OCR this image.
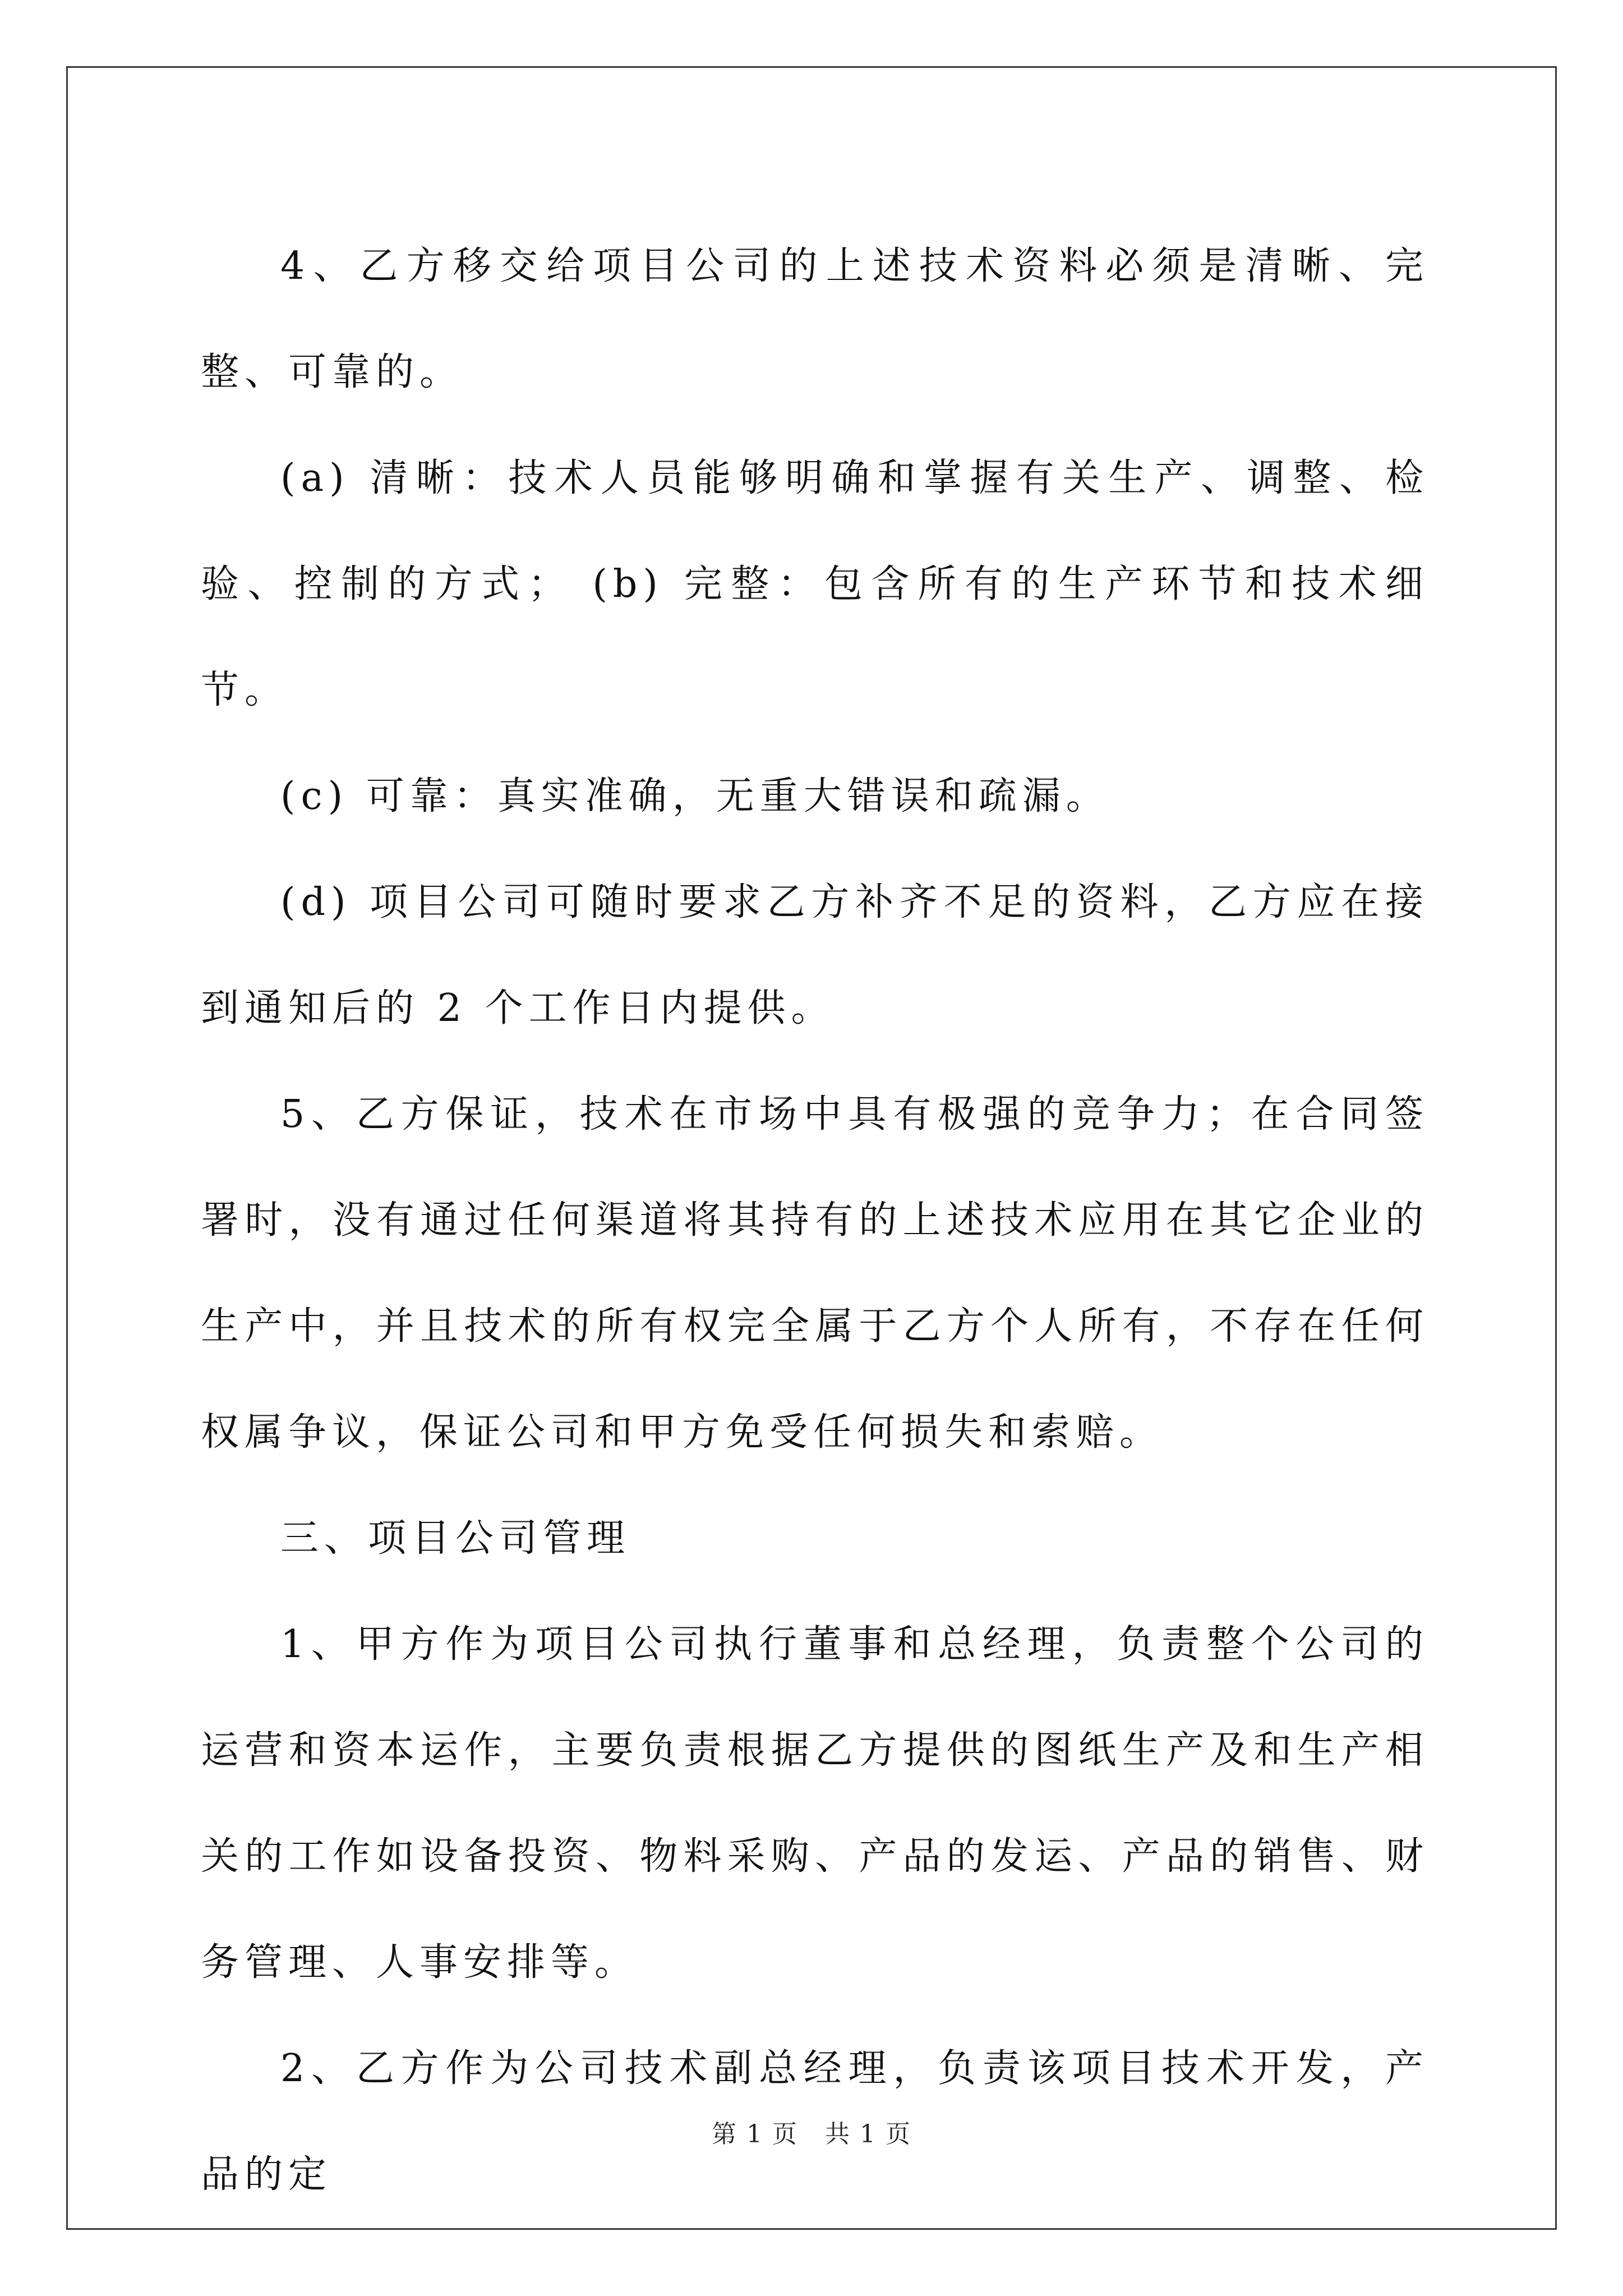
4、乙方移交给项目公司的上述技术资料必须是清晰、完整、可靠的。

(a) 清晰：技术人员能够明确和掌握有关生产、调整、检验、控制的方式； (b) 完整：包含所有的生产环节和技术细节。

(c) 可靠：真实准确，无重大错误和疏漏。

(d) 项目公司可随时要求乙方补齐不足的资料，乙方应在接到通知后的 2 个工作日内提供。

5、乙方保证，技术在市场中具有极强的竞争力；在合同签署时，没有通过任何渠道将其持有的上述技术应用在其它企业的生产中，并且技术的所有权完全属于乙方个人所有，不存在任何权属争议，保证公司和甲方免受任何损失和索赔。

三、项目公司管理

1、甲方作为项目公司执行董事和总经理，负责整个公司的运营和资本运作，主要负责根据乙方提供的图纸生产及和生产相关的工作如设备投资、物料采购、产品的发运、产品的销售、财务管理、人事安排等。

2、乙方作为公司技术副总经理，负责该项目技术开发，产品的定

第 1 页 共 1 页
